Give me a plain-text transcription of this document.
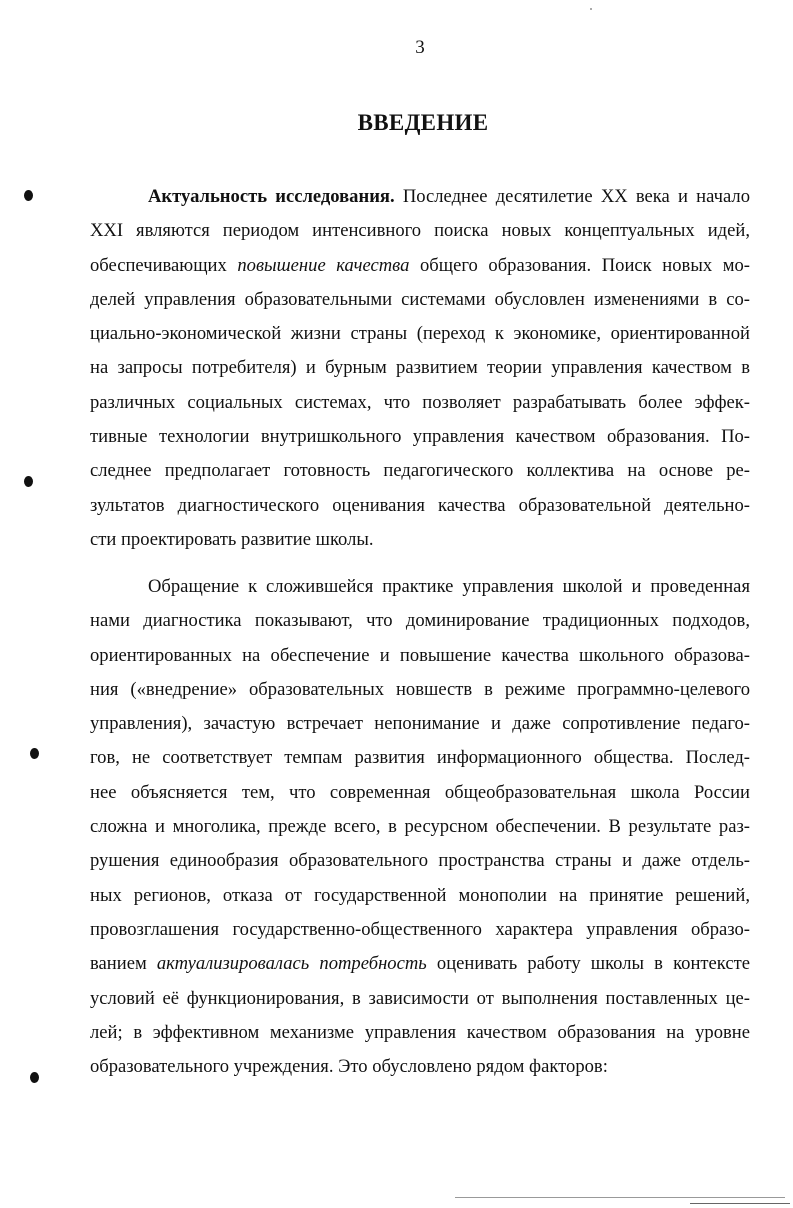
3
ВВЕДЕНИЕ
Актуальность исследования. Последнее десятилетие XX века и начало
XXI являются периодом интенсивного поиска новых концептуальных идей,
обеспечивающих повышение качества общего образования. Поиск новых мо-
делей управления образовательными системами обусловлен изменениями в со-
циально-экономической жизни страны (переход к экономике, ориентированной
на запросы потребителя) и бурным развитием теории управления качеством в
различных социальных системах, что позволяет разрабатывать более эффек-
тивные технологии внутришкольного управления качеством образования. По-
следнее предполагает готовность педагогического коллектива на основе ре-
зультатов диагностического оценивания качества образовательной деятельно-
сти проектировать развитие школы.
Обращение к сложившейся практике управления школой и проведенная
нами диагностика показывают, что доминирование традиционных подходов,
ориентированных на обеспечение и повышение качества школьного образова-
ния («внедрение» образовательных новшеств в режиме программно-целевого
управления), зачастую встречает непонимание и даже сопротивление педаго-
гов, не соответствует темпам развития информационного общества. Послед-
нее объясняется тем, что современная общеобразовательная школа России
сложна и многолика, прежде всего, в ресурсном обеспечении. В результате раз-
рушения единообразия образовательного пространства страны и даже отдель-
ных регионов, отказа от государственной монополии на принятие решений,
провозглашения государственно-общественного характера управления образо-
ванием актуализировалась потребность оценивать работу школы в контексте
условий её функционирования, в зависимости от выполнения поставленных це-
лей; в эффективном механизме управления качеством образования на уровне
образовательного учреждения. Это обусловлено рядом факторов:
